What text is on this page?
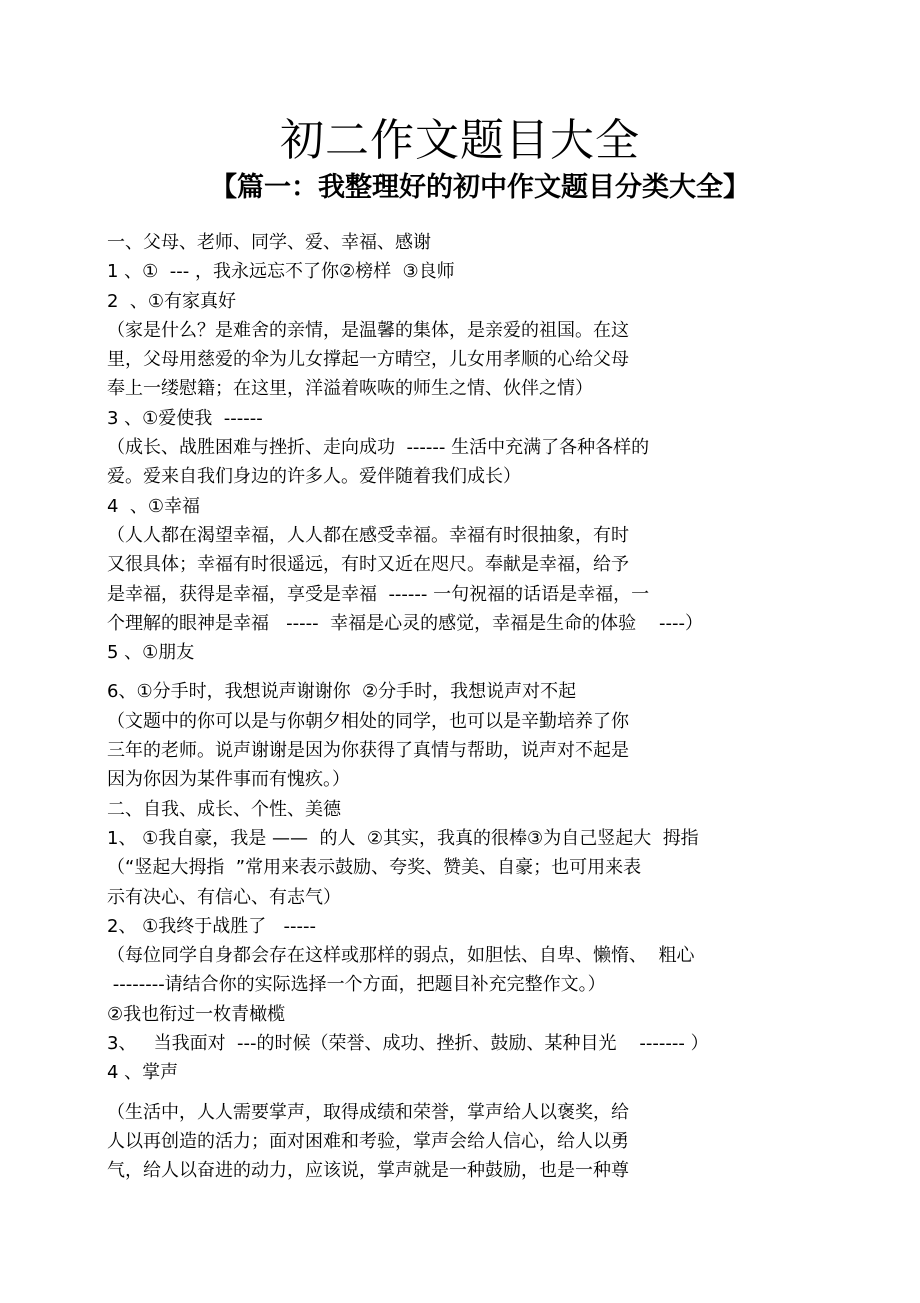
初二作文题目大全
【篇一：我整理好的初中作文题目分类大全】

一、父母、老师、同学、爱、幸福、感谢

1 、①  --- ，我永远忘不了你②榜样  ③良师

2  、①有家真好

（家是什么？是难舍的亲情，是温馨的集体，是亲爱的祖国。在这

里，父母用慈爱的伞为儿女撑起一方晴空，儿女用孝顺的心给父母

奉上一缕慰籍；在这里，洋溢着咴咴的师生之情、伙伴之情）

3 、①爱使我  ------

（成长、战胜困难与挫折、走向成功  ------ 生活中充满了各种各样的

爱。爱来自我们身边的许多人。爱伴随着我们成长）

4  、①幸福

（人人都在渴望幸福，人人都在感受幸福。幸福有时很抽象，有时

又很具体；幸福有时很遥远，有时又近在咫尺。奉献是幸福，给予

是幸福，获得是幸福，享受是幸福  ------ 一句祝福的话语是幸福，一

个理解的眼神是幸福   -----  幸福是心灵的感觉，幸福是生命的体验    ----）

5 、①朋友

6、①分手时，我想说声谢谢你  ②分手时，我想说声对不起

（文题中的你可以是与你朝夕相处的同学，也可以是辛勤培养了你

三年的老师。说声谢谢是因为你获得了真情与帮助，说声对不起是

因为你因为某件事而有愧疚。）

二、自我、成长、个性、美德

1、 ①我自豪，我是 ——  的人  ②其实，我真的很棒③为自己竖起大  拇指

（“竖起大拇指  ”常用来表示鼓励、夸奖、赞美、自豪；也可用来表

示有决心、有信心、有志气）

2、 ①我终于战胜了   -----

（每位同学自身都会存在这样或那样的弱点，如胆怯、自卑、懒惰、  粗心

--------请结合你的实际选择一个方面，把题目补充完整作文。）

②我也衔过一枚青橄榄

3、   当我面对  ---的时候（荣誉、成功、挫折、鼓励、某种目光    ------- ）

4 、掌声

（生活中，人人需要掌声，取得成绩和荣誉，掌声给人以褒奖，给

人以再创造的活力；面对困难和考验，掌声会给人信心，给人以勇

气，给人以奋进的动力，应该说，掌声就是一种鼓励，也是一种尊
